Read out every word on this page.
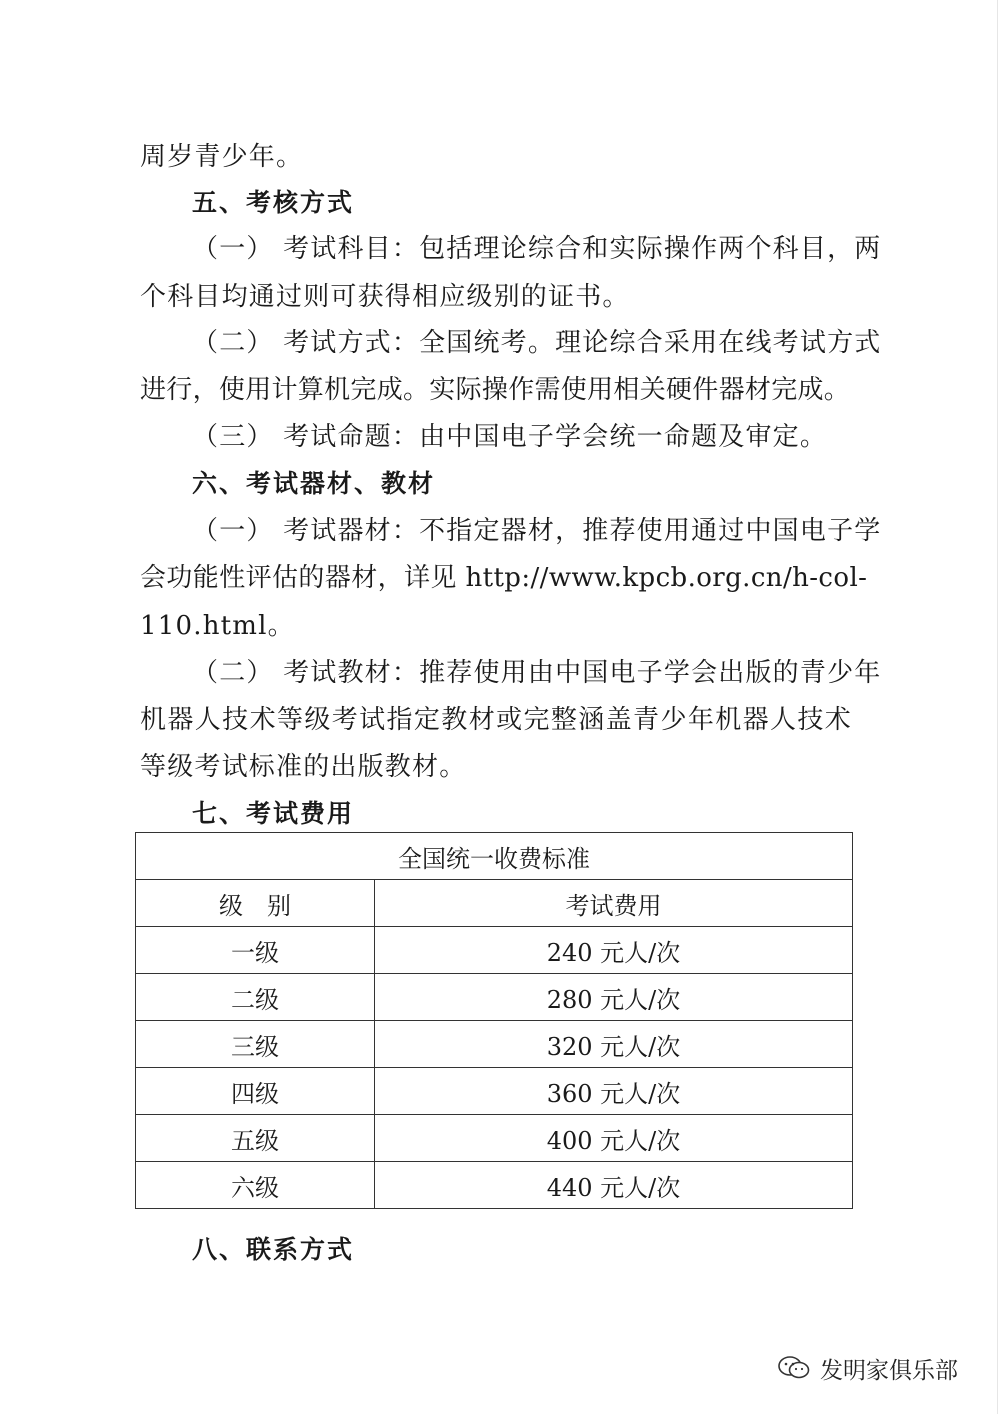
周岁青少年。
五、考核方式
（一） 考试科目：包括理论综合和实际操作两个科目，两
个科目均通过则可获得相应级别的证书。
（二） 考试方式：全国统考。理论综合采用在线考试方式
进行，使用计算机完成。实际操作需使用相关硬件器材完成。
（三） 考试命题：由中国电子学会统一命题及审定。
六、考试器材、教材
（一） 考试器材：不指定器材，推荐使用通过中国电子学
会功能性评估的器材，详见 http://www.kpcb.org.cn/h-col-
110.html。
（二） 考试教材：推荐使用由中国电子学会出版的青少年
机器人技术等级考试指定教材或完整涵盖青少年机器人技术
等级考试标准的出版教材。
七、考试费用
全国统一收费标准	
级　别	考试费用
一级	240 元人/次
二级	280 元人/次
三级	320 元人/次
四级	360 元人/次
五级	400 元人/次
六级	440 元人/次
八、联系方式
发明家俱乐部
